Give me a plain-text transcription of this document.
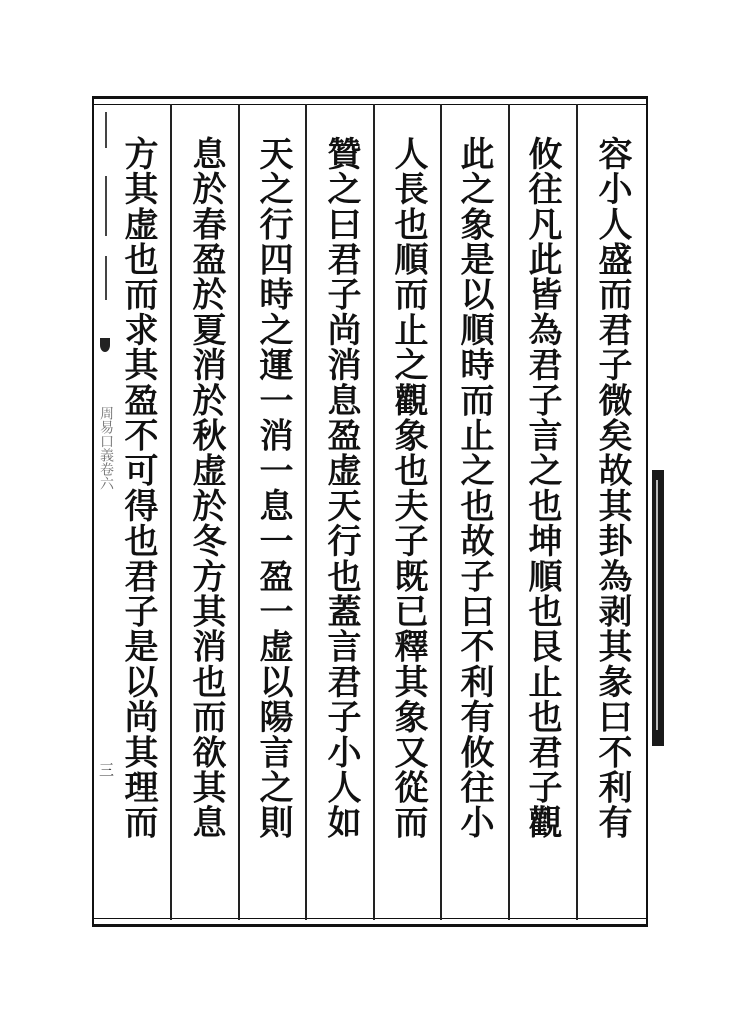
周易口義卷六
三	容小人盛而君子微矣故其卦為剥其彖曰不利有
攸往凡此皆為君子言之也坤順也艮止也君子觀
此之象是以順時而止之也故子曰不利有攸往小
人長也順而止之觀象也夫子既已釋其象又從而
贊之曰君子尚消息盈虚天行也蓋言君子小人如
天之行四時之運一消一息一盈一虚以陽言之則
息於春盈於夏消於秋虚於冬方其消也而欲其息
方其虚也而求其盈不可得也君子是以尚其理而
